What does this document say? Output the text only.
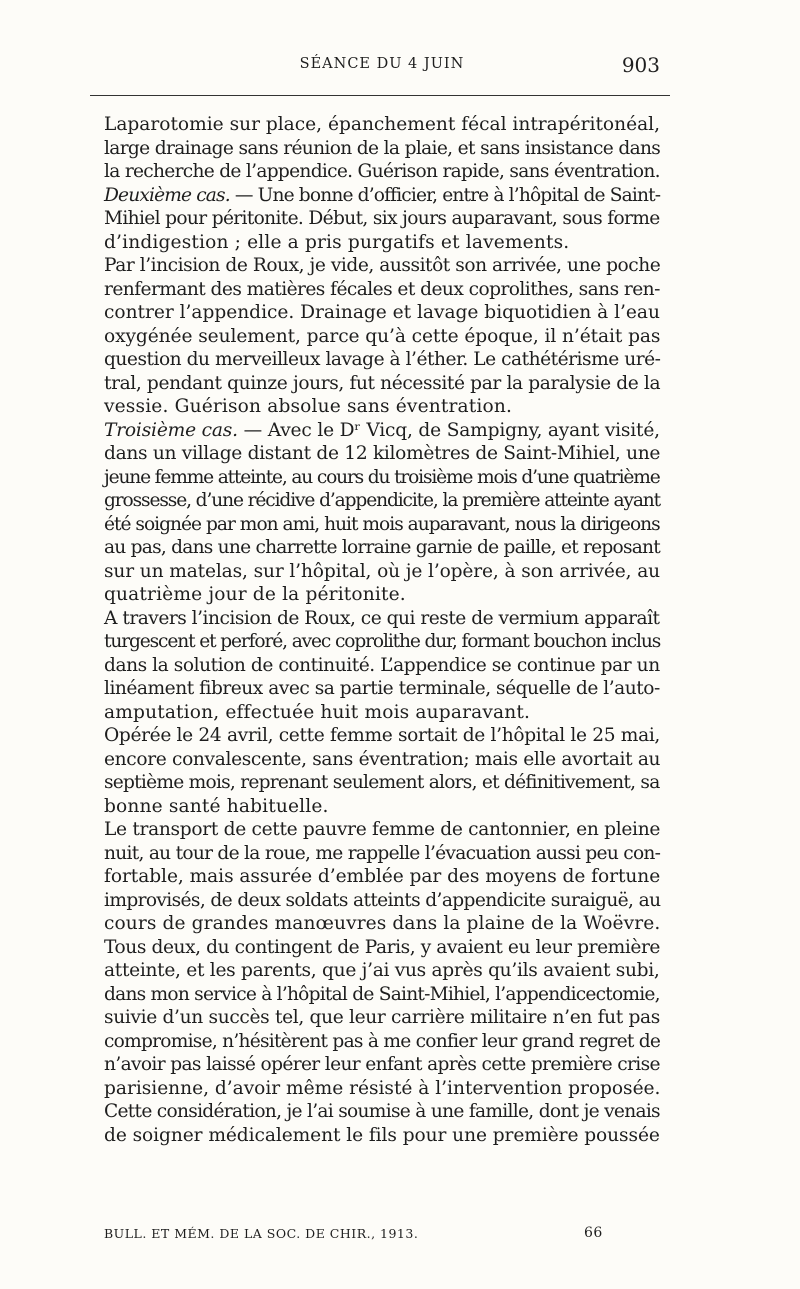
SÉANCE DU 4 JUIN	903
Laparotomie sur place, épanchement fécal intrapéritonéal,
large drainage sans réunion de la plaie, et sans insistance dans
la recherche de l’appendice. Guérison rapide, sans éventration.
Deuxième cas. — Une bonne d’officier, entre à l’hôpital de Saint-
Mihiel pour péritonite. Début, six jours auparavant, sous forme
d’indigestion ; elle a pris purgatifs et lavements.
Par l’incision de Roux, je vide, aussitôt son arrivée, une poche
renfermant des matières fécales et deux coprolithes, sans ren-
contrer l’appendice. Drainage et lavage biquotidien à l’eau
oxygénée seulement, parce qu’à cette époque, il n’était pas
question du merveilleux lavage à l’éther. Le cathétérisme uré-
tral, pendant quinze jours, fut nécessité par la paralysie de la
vessie. Guérison absolue sans éventration.
Troisième cas. — Avec le Dʳ Vicq, de Sampigny, ayant visité,
dans un village distant de 12 kilomètres de Saint-Mihiel, une
jeune femme atteinte, au cours du troisième mois d’une quatrième
grossesse, d’une récidive d’appendicite, la première atteinte ayant
été soignée par mon ami, huit mois auparavant, nous la dirigeons
au pas, dans une charrette lorraine garnie de paille, et reposant
sur un matelas, sur l’hôpital, où je l’opère, à son arrivée, au
quatrième jour de la péritonite.
A travers l’incision de Roux, ce qui reste de vermium apparaît
turgescent et perforé, avec coprolithe dur, formant bouchon inclus
dans la solution de continuité. L’appendice se continue par un
linéament fibreux avec sa partie terminale, séquelle de l’auto-
amputation, effectuée huit mois auparavant.
Opérée le 24 avril, cette femme sortait de l’hôpital le 25 mai,
encore convalescente, sans éventration; mais elle avortait au
septième mois, reprenant seulement alors, et définitivement, sa
bonne santé habituelle.
Le transport de cette pauvre femme de cantonnier, en pleine
nuit, au tour de la roue, me rappelle l’évacuation aussi peu con-
fortable, mais assurée d’emblée par des moyens de fortune
improvisés, de deux soldats atteints d’appendicite suraiguë, au
cours de grandes manœuvres dans la plaine de la Woëvre.
Tous deux, du contingent de Paris, y avaient eu leur première
atteinte, et les parents, que j’ai vus après qu’ils avaient subi,
dans mon service à l’hôpital de Saint-Mihiel, l’appendicectomie,
suivie d’un succès tel, que leur carrière militaire n’en fut pas
compromise, n’hésitèrent pas à me confier leur grand regret de
n’avoir pas laissé opérer leur enfant après cette première crise
parisienne, d’avoir même résisté à l’intervention proposée.
Cette considération, je l’ai soumise à une famille, dont je venais
de soigner médicalement le fils pour une première poussée
BULL. ET MÉM. DE LA SOC. DE CHIR., 1913.	66
